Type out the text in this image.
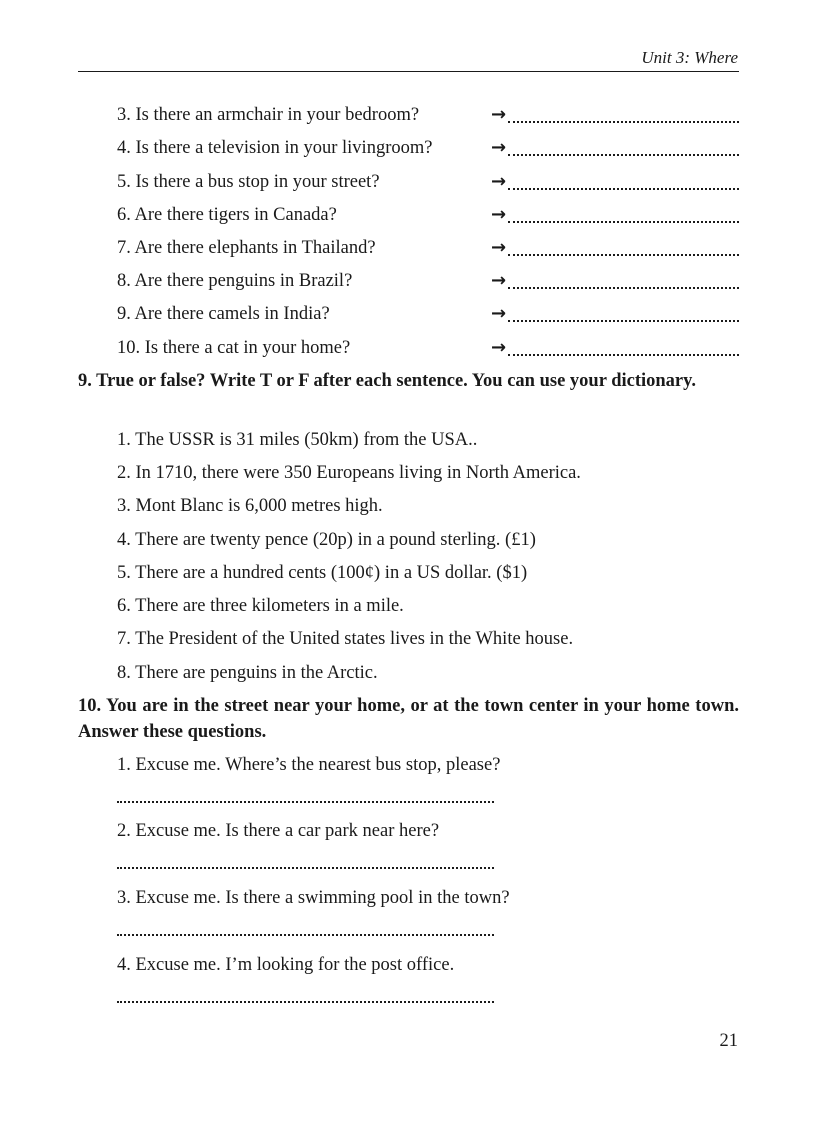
Unit 3: Where
3. Is there an armchair in your bedroom?	→
4. Is there a television in your livingroom?	→
5. Is there a bus stop in your street?	→
6. Are there tigers in Canada?	→
7. Are there elephants in Thailand?	→
8. Are there penguins in Brazil?	→
9. Are there camels in India?	→
10. Is there a cat in your home?	→
9. True or false? Write T or F after each sentence. You can use your dictionary.
1. The USSR is 31 miles (50km) from the USA..
2. In 1710, there were 350 Europeans living in North America.
3. Mont Blanc is 6,000 metres high.
4. There are twenty pence (20p) in a pound sterling. (£1)
5. There are a hundred cents (100¢) in a US dollar. ($1)
6. There are three kilometers in a mile.
7. The President of the United states lives in the White house.
8. There are penguins in the Arctic.
10. You are in the street near your home, or at the town center in your home town. Answer these questions.
1. Excuse me. Where’s the nearest bus stop, please?
2. Excuse me. Is there a car park near here?
3. Excuse me. Is there a swimming pool in the town?
4. Excuse me. I’m looking for the post office.
21
